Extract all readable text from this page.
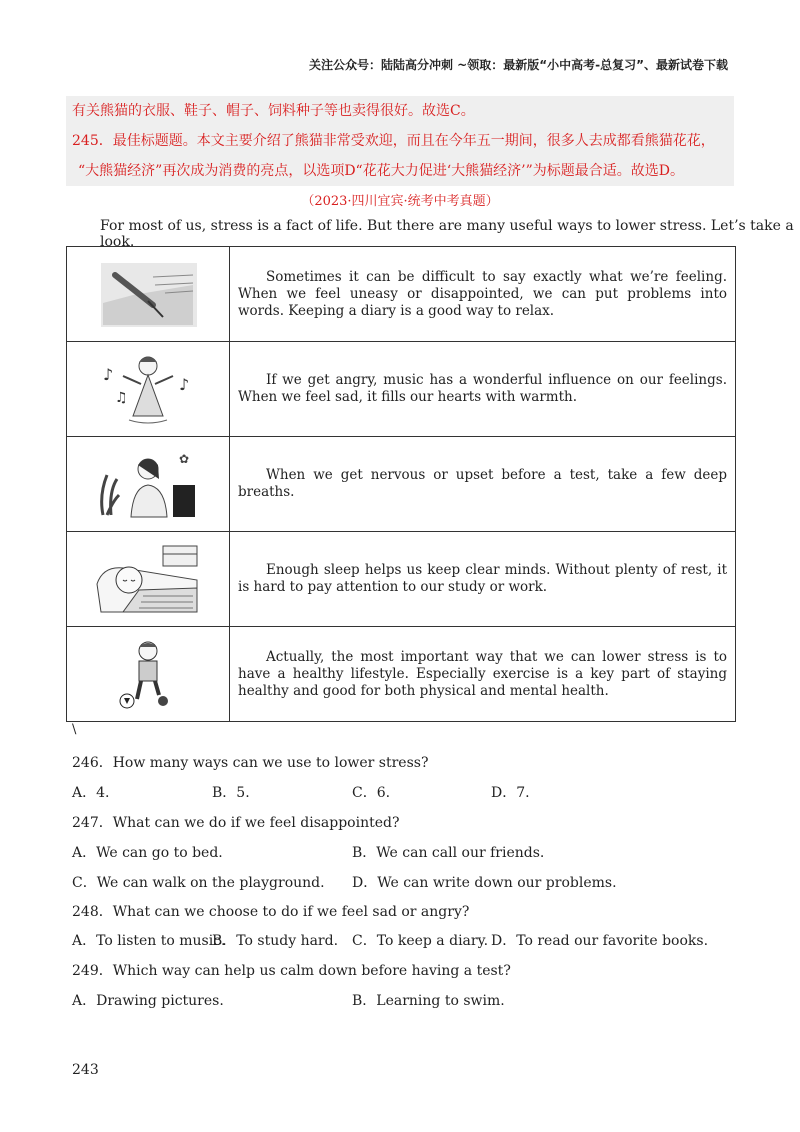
关注公众号：陆陆高分冲刺 ~领取：最新版“小中高考-总复习”、最新试卷下载
有关熊猫的衣服、鞋子、帽子、饲料种子等也卖得很好。故选C。
245．最佳标题题。本文主要介绍了熊猫非常受欢迎，而且在今年五一期间，很多人去成都看熊猫花花，
“大熊猫经济”再次成为消费的亮点，以选项D“花花大力促进‘大熊猫经济’”为标题最合适。故选D。
（2023·四川宜宾·统考中考真题）
For most of us, stress is a fact of life. But there are many useful ways to lower stress. Let’s take a look.
	Sometimes it can be difficult to say exactly what we’re feeling. When we feel uneasy or disappointed, we can put problems into words. Keeping a diary is a good way to relax.

♪
♫
♪	If we get angry, music has a wonderful influence on our feelings. When we feel sad, it fills our hearts with warmth.

✿	When we get nervous or upset before a test, take a few deep breaths.

	Enough sleep helps us keep clear minds. Without plenty of rest, it is hard to pay attention to our study or work.

	Actually, the most important way that we can lower stress is to have a healthy lifestyle. Especially exercise is a key part of staying healthy and good for both physical and mental health.
\
246．How many ways can we use to lower stress?
A．4.	B．5.	C．6.	D．7.
247．What can we do if we feel disappointed?
A．We can go to bed.	B．We can call our friends.
C．We can walk on the playground. D．We can write down our problems.
248．What can we choose to do if we feel sad or angry?
A．To listen to music.
B．To study hard. C．To keep a diary. D．To read our favorite books.
249．Which way can help us calm down before having a test?
A．Drawing pictures.	B．Learning to swim.
243
